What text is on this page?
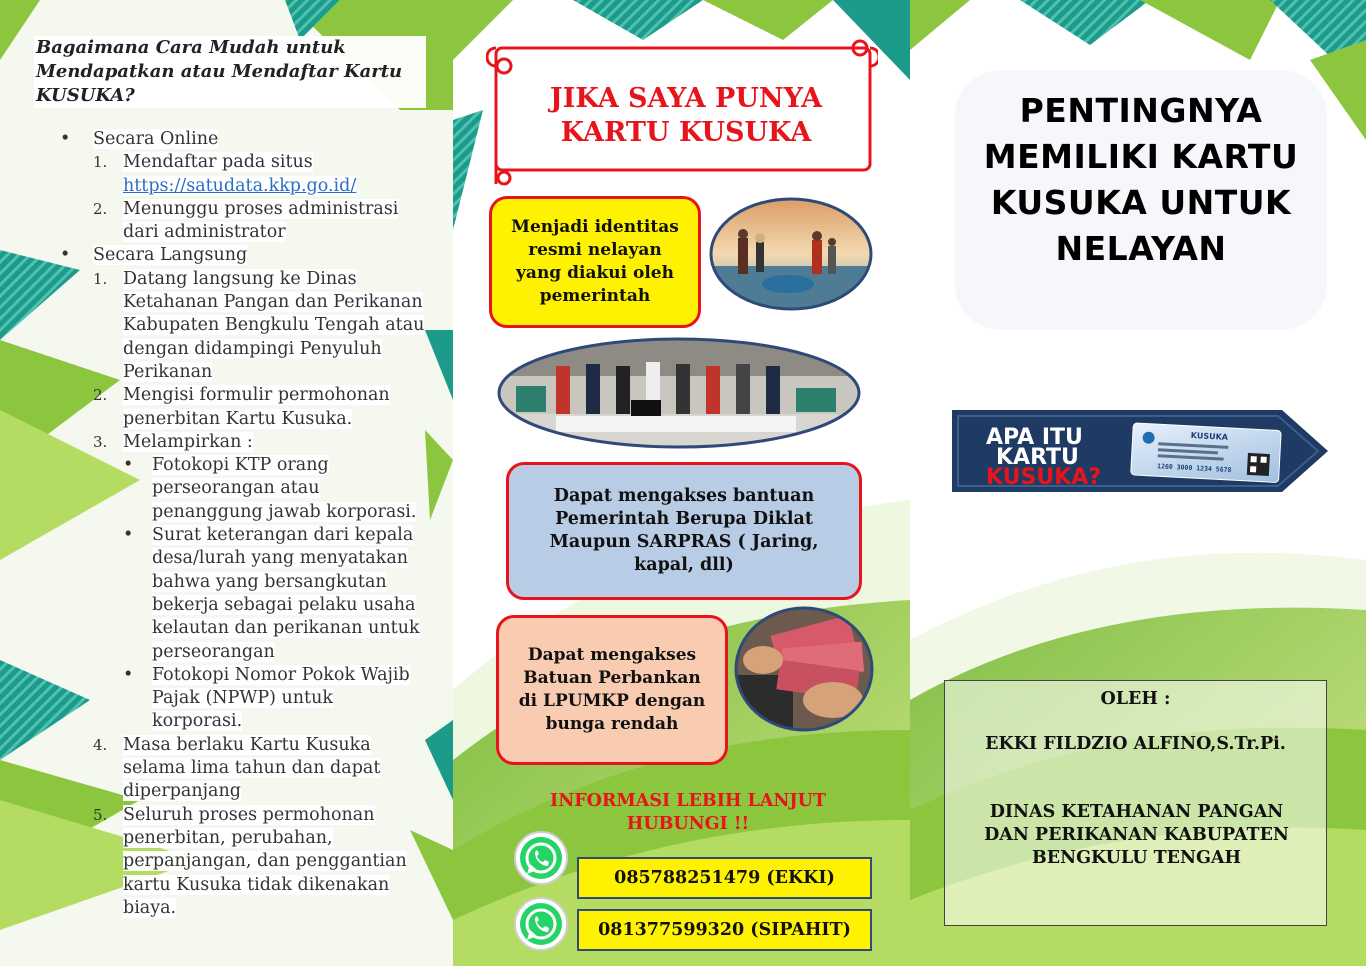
Bagaimana Cara Mudah untuk Mendapatkan atau Mendaftar Kartu KUSUKA?
• Secara Online
1. Mendaftar pada situs https://satudata.kkp.go.id/
2. Menunggu proses administrasi dari administrator
• Secara Langsung
1. Datang langsung ke Dinas Ketahanan Pangan dan Perikanan Kabupaten Bengkulu Tengah atau dengan didampingi Penyuluh Perikanan
2. Mengisi formulir permohonan penerbitan Kartu Kusuka.
3. Melampirkan :
• Fotokopi KTP orang perseorangan atau penanggung jawab korporasi.
• Surat keterangan dari kepala desa/lurah yang menyatakan bahwa yang bersangkutan bekerja sebagai pelaku usaha kelautan dan perikanan untuk perseorangan
• Fotokopi Nomor Pokok Wajib Pajak (NPWP) untuk korporasi.
4. Masa berlaku Kartu Kusuka selama lima tahun dan dapat diperpanjang
5. Seluruh proses permohonan penerbitan, perubahan, perpanjangan, dan penggantian kartu Kusuka tidak dikenakan biaya.
JIKA SAYA PUNYA KARTU KUSUKA
Menjadi identitas resmi nelayan yang diakui oleh pemerintah
Dapat mengakses bantuan Pemerintah Berupa Diklat Maupun SARPRAS ( Jaring, kapal, dll)
Dapat mengakses Batuan Perbankan di LPUMKP dengan bunga rendah
INFORMASI LEBIH LANJUT HUBUNGI !!
085788251479 (EKKI)
081377599320 (SIPAHIT)
PENTINGNYA MEMILIKI KARTU KUSUKA UNTUK NELAYAN
KUSUKA
1260 3000 1234 5678
APA ITU
KARTU
KUSUKA?
OLEH :
EKKI FILDZIO ALFINO,S.Tr.Pi.
DINAS KETAHANAN PANGAN DAN PERIKANAN KABUPATEN BENGKULU TENGAH
